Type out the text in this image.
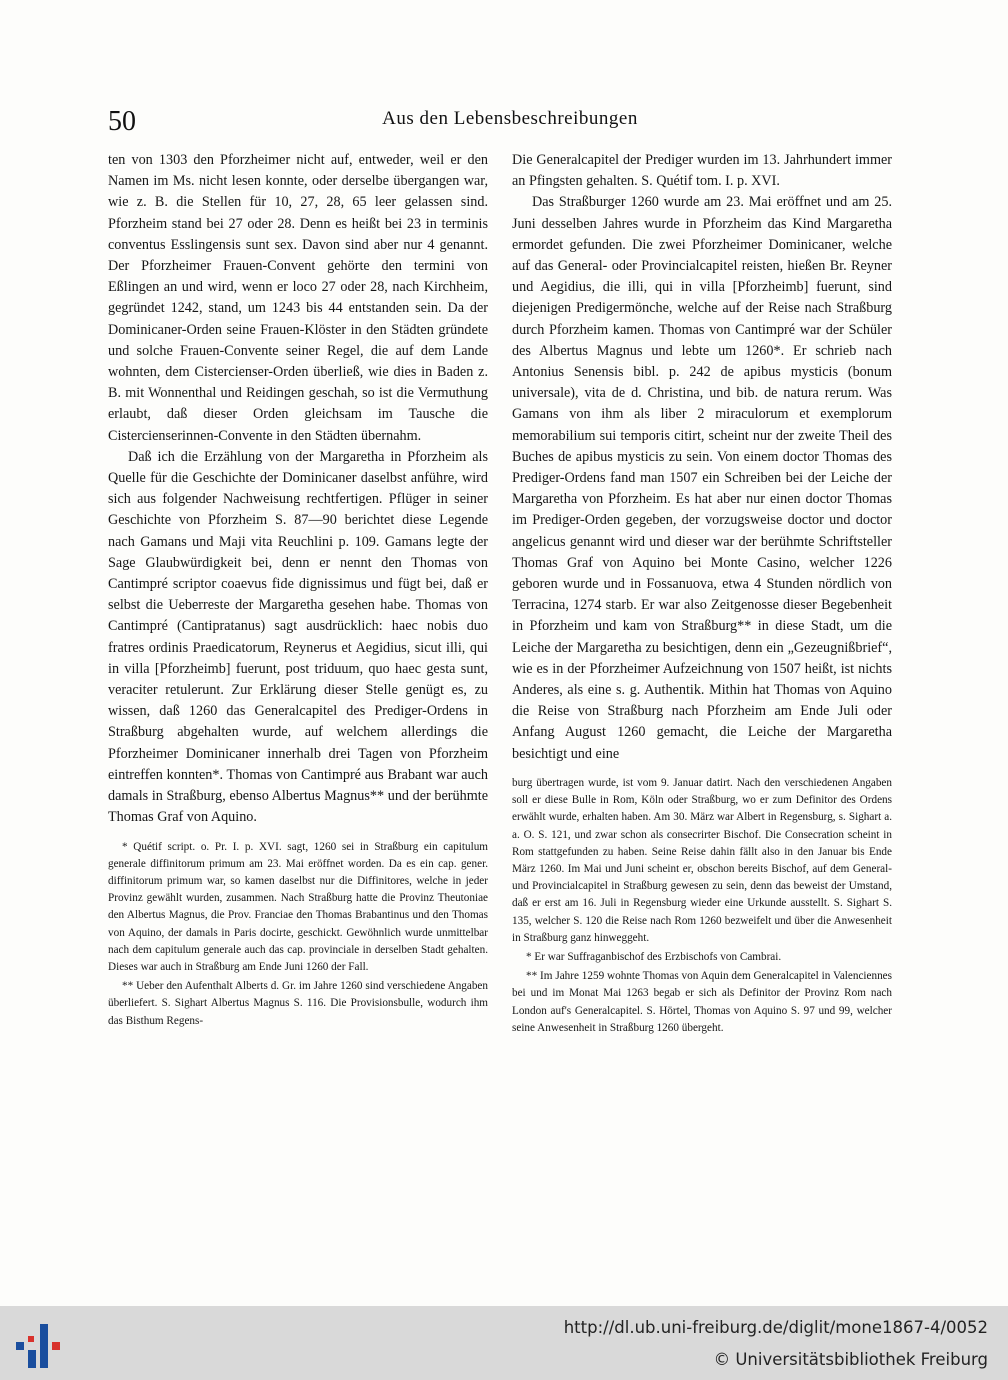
50	Aus den Lebensbeschreibungen

ten von 1303 den Pforzheimer nicht auf, entweder, weil er den Namen im Ms. nicht lesen konnte, oder derselbe übergangen war, wie z. B. die Stellen für 10, 27, 28, 65 leer gelassen sind. Pforzheim stand bei 27 oder 28. Denn es heißt bei 23 in terminis conventus Esslingensis sunt sex. Davon sind aber nur 4 genannt. Der Pforzheimer Frauen-Convent gehörte den termini von Eßlingen an und wird, wenn er loco 27 oder 28, nach Kirchheim, gegründet 1242, stand, um 1243 bis 44 entstanden sein. Da der Dominicaner-Orden seine Frauen-Klöster in den Städten gründete und solche Frauen-Convente seiner Regel, die auf dem Lande wohnten, dem Cistercienser-Orden überließ, wie dies in Baden z. B. mit Wonnenthal und Reidingen geschah, so ist die Vermuthung erlaubt, daß dieser Orden gleichsam im Tausche die Cistercienserinnen-Convente in den Städten übernahm.

Daß ich die Erzählung von der Margaretha in Pforzheim als Quelle für die Geschichte der Dominicaner daselbst anführe, wird sich aus folgender Nachweisung rechtfertigen. Pflüger in seiner Geschichte von Pforzheim S. 87—90 berichtet diese Legende nach Gamans und Maji vita Reuchlini p. 109. Gamans legte der Sage Glaubwürdigkeit bei, denn er nennt den Thomas von Cantimpré scriptor coaevus fide dignissimus und fügt bei, daß er selbst die Ueberreste der Margaretha gesehen habe. Thomas von Cantimpré (Cantipratanus) sagt ausdrücklich: haec nobis duo fratres ordinis Praedicatorum, Reynerus et Aegidius, sicut illi, qui in villa [Pforzheimb] fuerunt, post triduum, quo haec gesta sunt, veraciter retulerunt. Zur Erklärung dieser Stelle genügt es, zu wissen, daß 1260 das Generalcapitel des Prediger-Ordens in Straßburg abgehalten wurde, auf welchem allerdings die Pforzheimer Dominicaner innerhalb drei Tagen von Pforzheim eintreffen konnten*. Thomas von Cantimpré aus Brabant war auch damals in Straßburg, ebenso Albertus Magnus** und der berühmte Thomas Graf von Aquino.

* Quétif script. o. Pr. I. p. XVI. sagt, 1260 sei in Straßburg ein capitulum generale diffinitorum primum am 23. Mai eröffnet worden. Da es ein cap. gener. diffinitorum primum war, so kamen daselbst nur die Diffinitores, welche in jeder Provinz gewählt wurden, zusammen. Nach Straßburg hatte die Provinz Theutoniae den Albertus Magnus, die Prov. Franciae den Thomas Brabantinus und den Thomas von Aquino, der damals in Paris docirte, geschickt. Gewöhnlich wurde unmittelbar nach dem capitulum generale auch das cap. provinciale in derselben Stadt gehalten. Dieses war auch in Straßburg am Ende Juni 1260 der Fall.

** Ueber den Aufenthalt Alberts d. Gr. im Jahre 1260 sind verschiedene Angaben überliefert. S. Sighart Albertus Magnus S. 116. Die Provisionsbulle, wodurch ihm das Bisthum Regens-

Die Generalcapitel der Prediger wurden im 13. Jahrhundert immer an Pfingsten gehalten. S. Quétif tom. I. p. XVI.

Das Straßburger 1260 wurde am 23. Mai eröffnet und am 25. Juni desselben Jahres wurde in Pforzheim das Kind Margaretha ermordet gefunden. Die zwei Pforzheimer Dominicaner, welche auf das General- oder Provincialcapitel reisten, hießen Br. Reyner und Aegidius, die illi, qui in villa [Pforzheimb] fuerunt, sind diejenigen Predigermönche, welche auf der Reise nach Straßburg durch Pforzheim kamen. Thomas von Cantimpré war der Schüler des Albertus Magnus und lebte um 1260*. Er schrieb nach Antonius Senensis bibl. p. 242 de apibus mysticis (bonum universale), vita de d. Christina, und bib. de natura rerum. Was Gamans von ihm als liber 2 miraculorum et exemplorum memorabilium sui temporis citirt, scheint nur der zweite Theil des Buches de apibus mysticis zu sein. Von einem doctor Thomas des Prediger-Ordens fand man 1507 ein Schreiben bei der Leiche der Margaretha von Pforzheim. Es hat aber nur einen doctor Thomas im Prediger-Orden gegeben, der vorzugsweise doctor und doctor angelicus genannt wird und dieser war der berühmte Schriftsteller Thomas Graf von Aquino bei Monte Casino, welcher 1226 geboren wurde und in Fossanuova, etwa 4 Stunden nördlich von Terracina, 1274 starb. Er war also Zeitgenosse dieser Begebenheit in Pforzheim und kam von Straßburg** in diese Stadt, um die Leiche der Margaretha zu besichtigen, denn ein „Gezeugnißbrief“, wie es in der Pforzheimer Aufzeichnung von 1507 heißt, ist nichts Anderes, als eine s. g. Authentik. Mithin hat Thomas von Aquino die Reise von Straßburg nach Pforzheim am Ende Juli oder Anfang August 1260 gemacht, die Leiche der Margaretha besichtigt und eine

burg übertragen wurde, ist vom 9. Januar datirt. Nach den verschiedenen Angaben soll er diese Bulle in Rom, Köln oder Straßburg, wo er zum Definitor des Ordens erwählt wurde, erhalten haben. Am 30. März war Albert in Regensburg, s. Sighart a. a. O. S. 121, und zwar schon als consecrirter Bischof. Die Consecration scheint in Rom stattgefunden zu haben. Seine Reise dahin fällt also in den Januar bis Ende März 1260. Im Mai und Juni scheint er, obschon bereits Bischof, auf dem General- und Provincialcapitel in Straßburg gewesen zu sein, denn das beweist der Umstand, daß er erst am 16. Juli in Regensburg wieder eine Urkunde ausstellt. S. Sighart S. 135, welcher S. 120 die Reise nach Rom 1260 bezweifelt und über die Anwesenheit in Straßburg ganz hinweggeht.

* Er war Suffraganbischof des Erzbischofs von Cambrai.

** Im Jahre 1259 wohnte Thomas von Aquin dem Generalcapitel in Valenciennes bei und im Monat Mai 1263 begab er sich als Definitor der Provinz Rom nach London auf's Generalcapitel. S. Hörtel, Thomas von Aquino S. 97 und 99, welcher seine Anwesenheit in Straßburg 1260 übergeht.

http://dl.ub.uni-freiburg.de/diglit/mone1867-4/0052
© Universitätsbibliothek Freiburg
